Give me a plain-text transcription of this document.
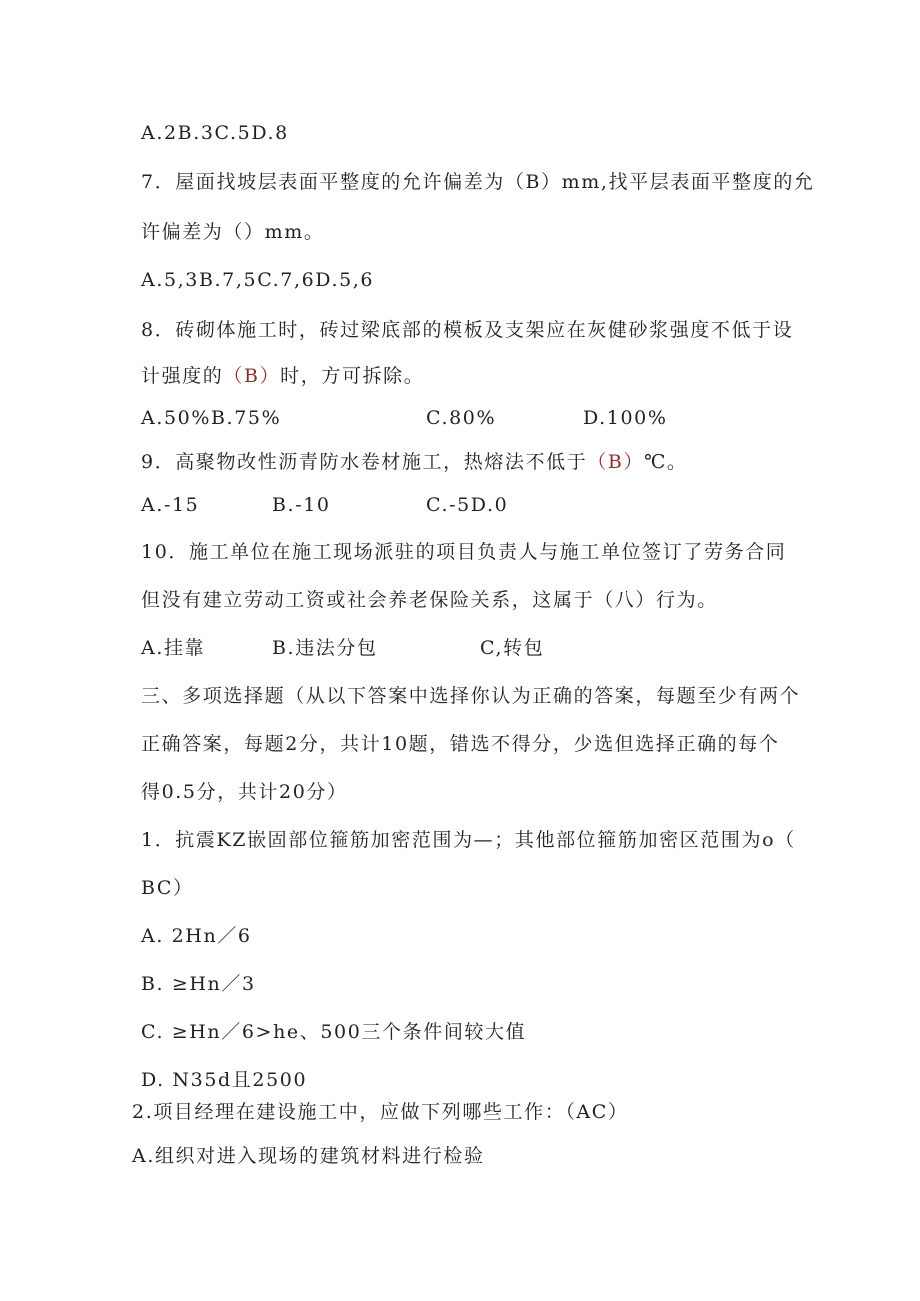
A.2B.3C.5D.8
7．屋面找坡层表面平整度的允许偏差为（B）mm,找平层表面平整度的允
许偏差为（）mm。
A.5,3B.7,5C.7,6D.5,6
8．砖砌体施工时，砖过梁底部的模板及支架应在灰健砂浆强度不低于设
计强度的（B）时，方可拆除。
A.50%B.75%	C.80%	D.100%
9．高聚物改性沥青防水卷材施工，热熔法不低于（B）℃。
A.-15	B.-10	C.-5D.0
10．施工单位在施工现场派驻的项目负责人与施工单位签订了劳务合同
但没有建立劳动工资或社会养老保险关系，这属于（八）行为。
A.挂靠	B.违法分包	C,转包
三、多项选择题（从以下答案中选择你认为正确的答案，每题至少有两个
正确答案，每题2分，共计10题，错选不得分，少选但选择正确的每个
得0.5分，共计20分）
1．抗震KZ嵌固部位箍筋加密范围为—；其他部位箍筋加密区范围为o（
BC）
A. 2Hn／6
B. ≥Hn／3
C. ≥Hn／6>he、500三个条件间较大值
D. N35d且2500
2.项目经理在建设施工中，应做下列哪些工作：（AC）
A.组织对进入现场的建筑材料进行检验
